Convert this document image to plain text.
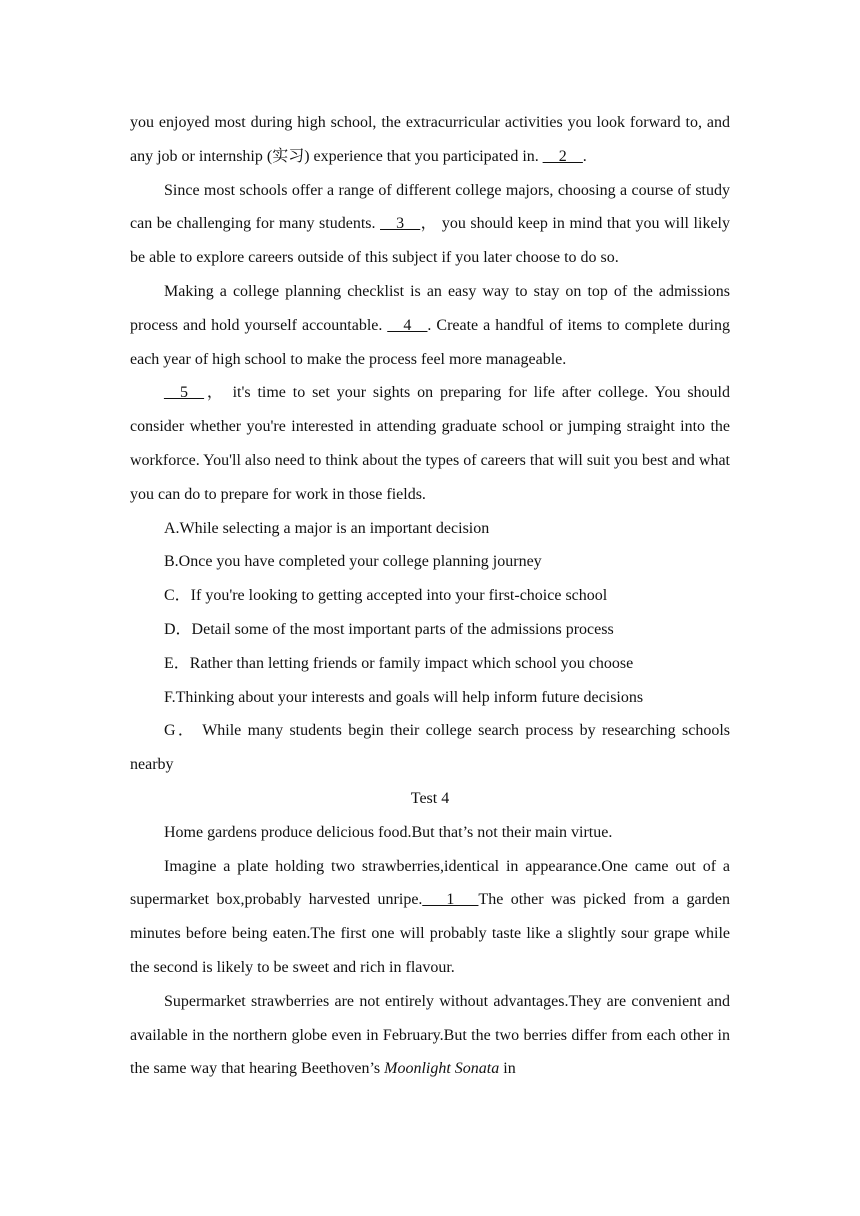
you enjoyed most during high school, the extracurricular activities you look forward to, and any job or internship (实习) experience that you participated in. __2__.

Since most schools offer a range of different college majors, choosing a course of study can be challenging for many students. __3__， you should keep in mind that you will likely be able to explore careers outside of this subject if you later choose to do so.

Making a college planning checklist is an easy way to stay on top of the admissions process and hold yourself accountable. __4__. Create a handful of items to complete during each year of high school to make the process feel more manageable.

__5__， it's time to set your sights on preparing for life after college. You should consider whether you're interested in attending graduate school or jumping straight into the workforce. You'll also need to think about the types of careers that will suit you best and what you can do to prepare for work in those fields.

A.While selecting a major is an important decision

B.Once you have completed your college planning journey

C．If you're looking to getting accepted into your first-choice school

D．Detail some of the most important parts of the admissions process

E．Rather than letting friends or family impact which school you choose

F.Thinking about your interests and goals will help inform future decisions

G． While many students begin their college search process by researching schools nearby

Test 4

Home gardens produce delicious food.But that’s not their main virtue.

Imagine a plate holding two strawberries,identical in appearance.One came out of a supermarket box,probably harvested unripe.___1___The other was picked from a garden minutes before being eaten.The first one will probably taste like a slightly sour grape while the second is likely to be sweet and rich in flavour.

Supermarket strawberries are not entirely without advantages.They are convenient and available in the northern globe even in February.But the two berries differ from each other in the same way that hearing Beethoven’s Moonlight Sonata in
